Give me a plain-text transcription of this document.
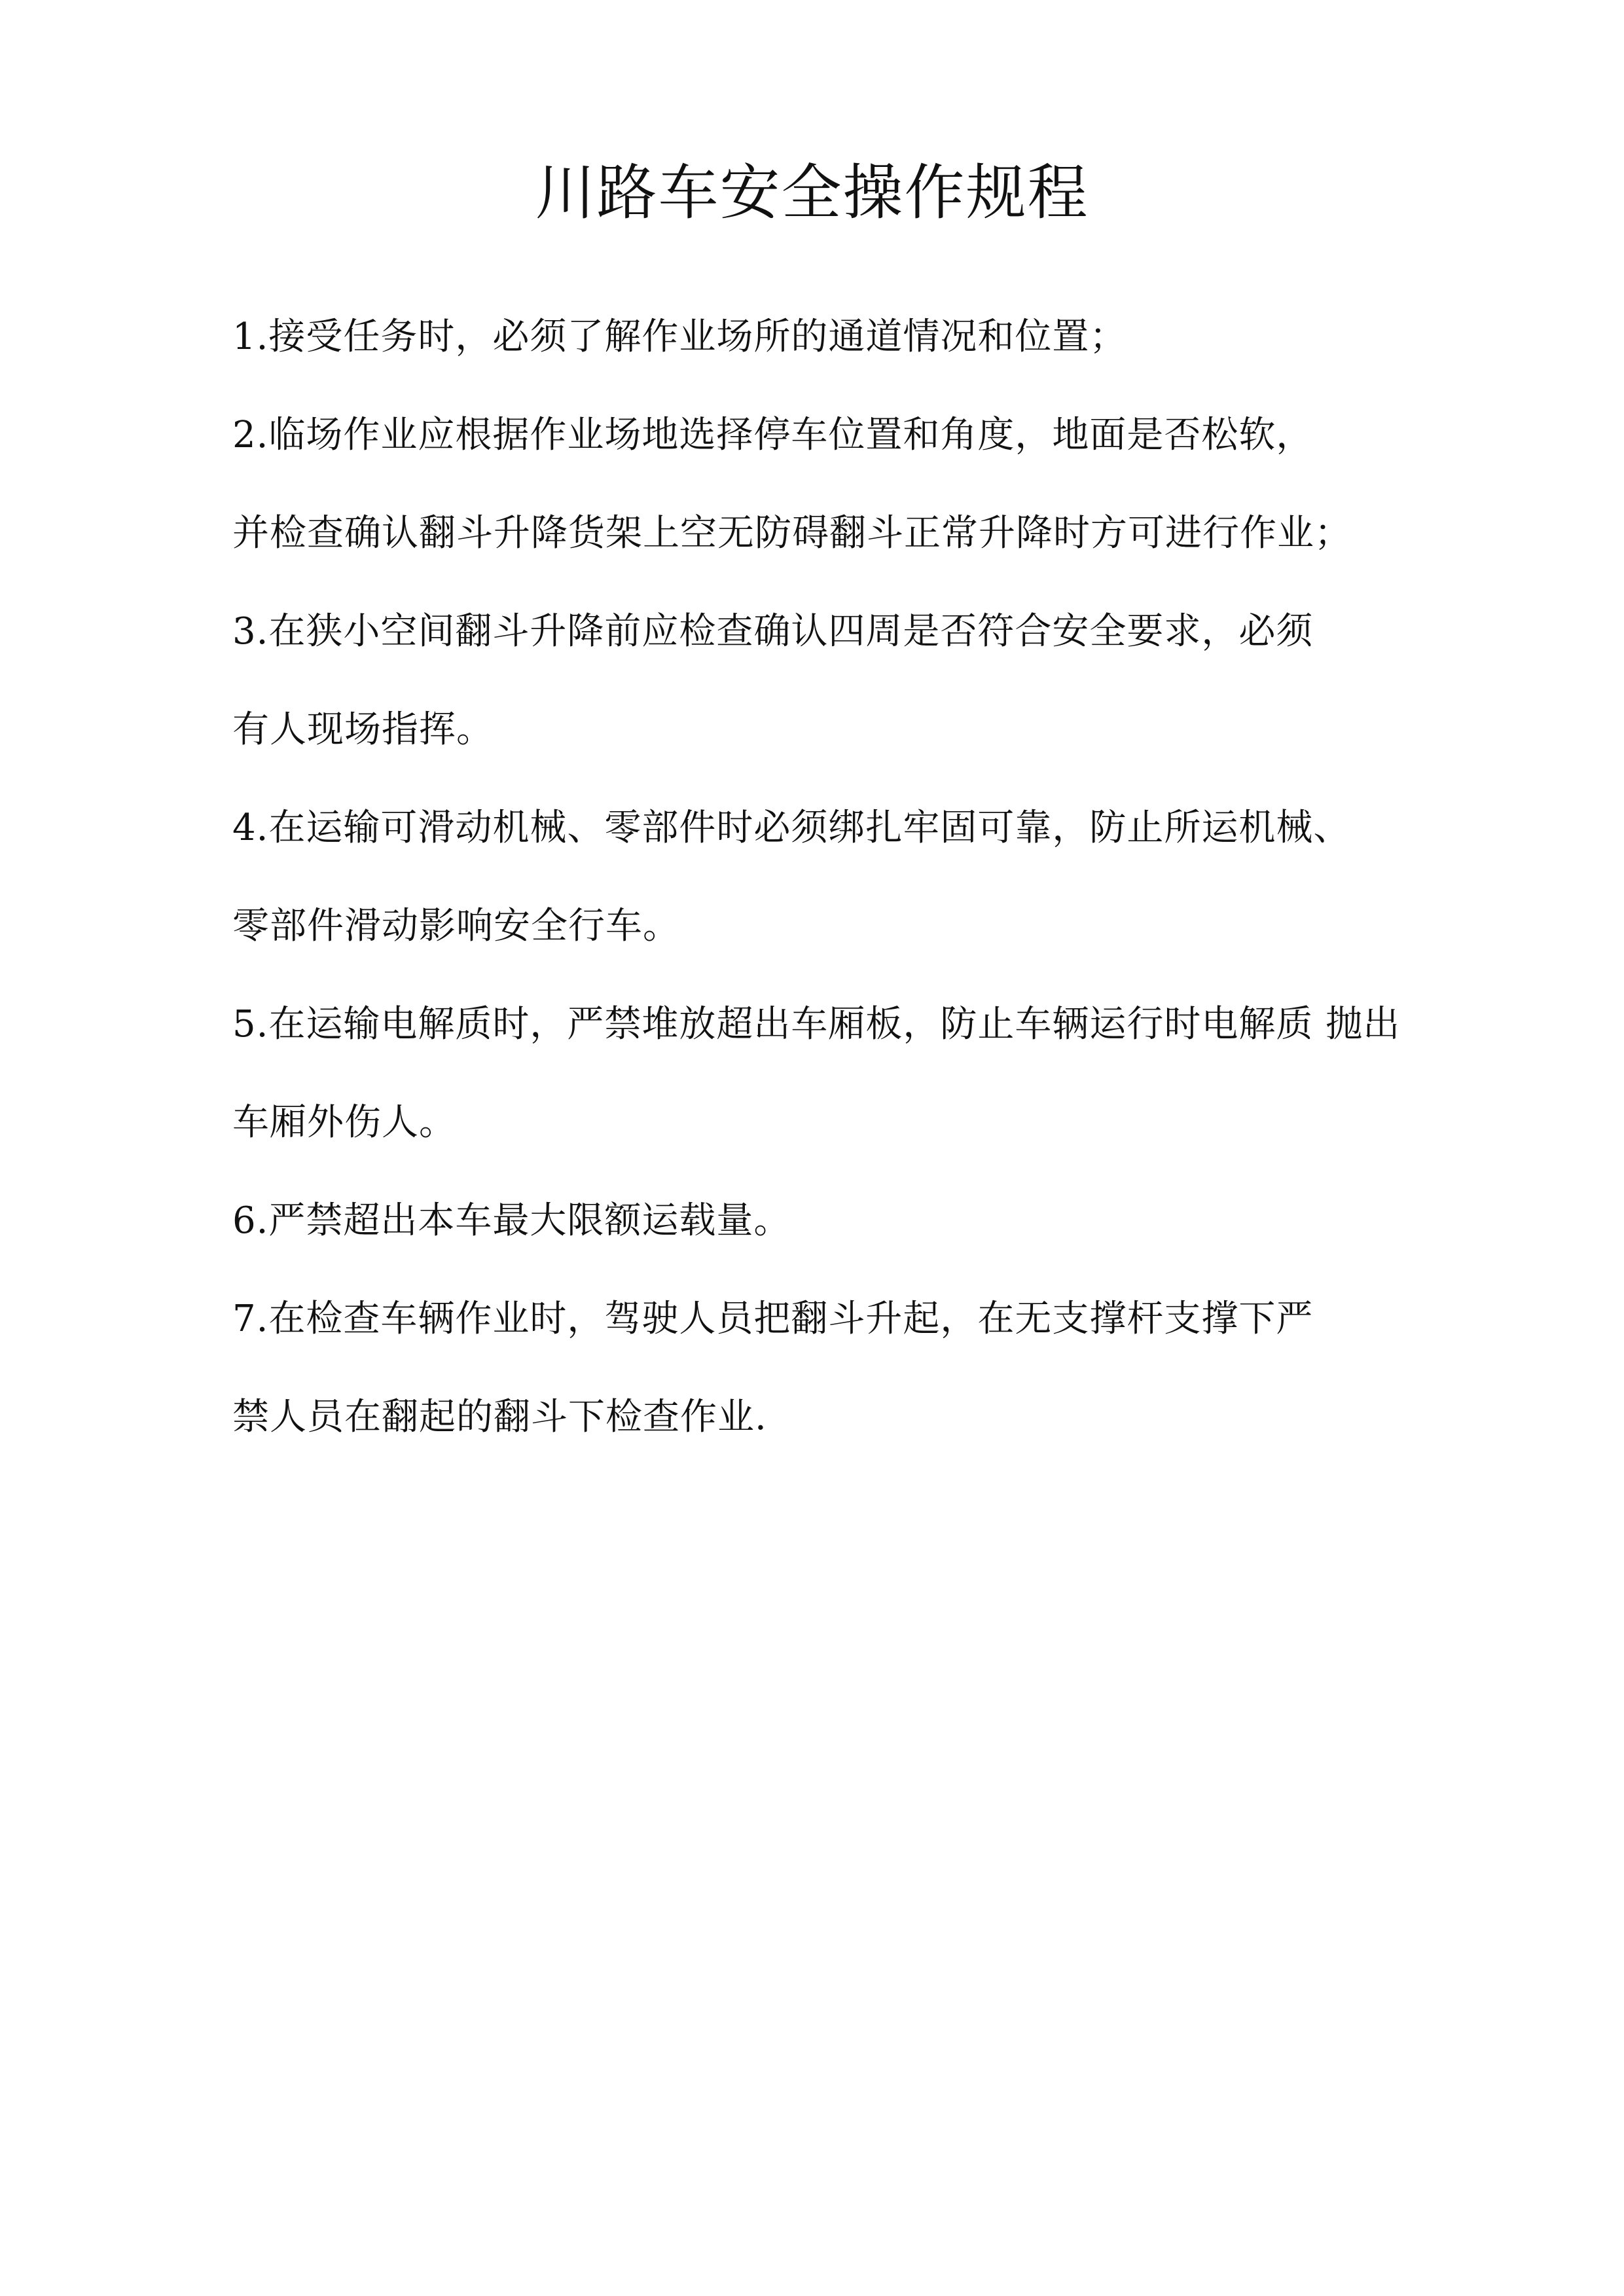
川路车安全操作规程

1.接受任务时，必须了解作业场所的通道情况和位置；

2.临场作业应根据作业场地选择停车位置和角度，地面是否松软，

并检查确认翻斗升降货架上空无防碍翻斗正常升降时方可进行作业；

3.在狭小空间翻斗升降前应检查确认四周是否符合安全要求，必须

有人现场指挥。

4.在运输可滑动机械、零部件时必须绑扎牢固可靠，防止所运机械、

零部件滑动影响安全行车。

5.在运输电解质时，严禁堆放超出车厢板，防止车辆运行时电解质 抛出

车厢外伤人。

6.严禁超出本车最大限额运载量。

7.在检查车辆作业时，驾驶人员把翻斗升起，在无支撑杆支撑下严

禁人员在翻起的翻斗下检查作业.
